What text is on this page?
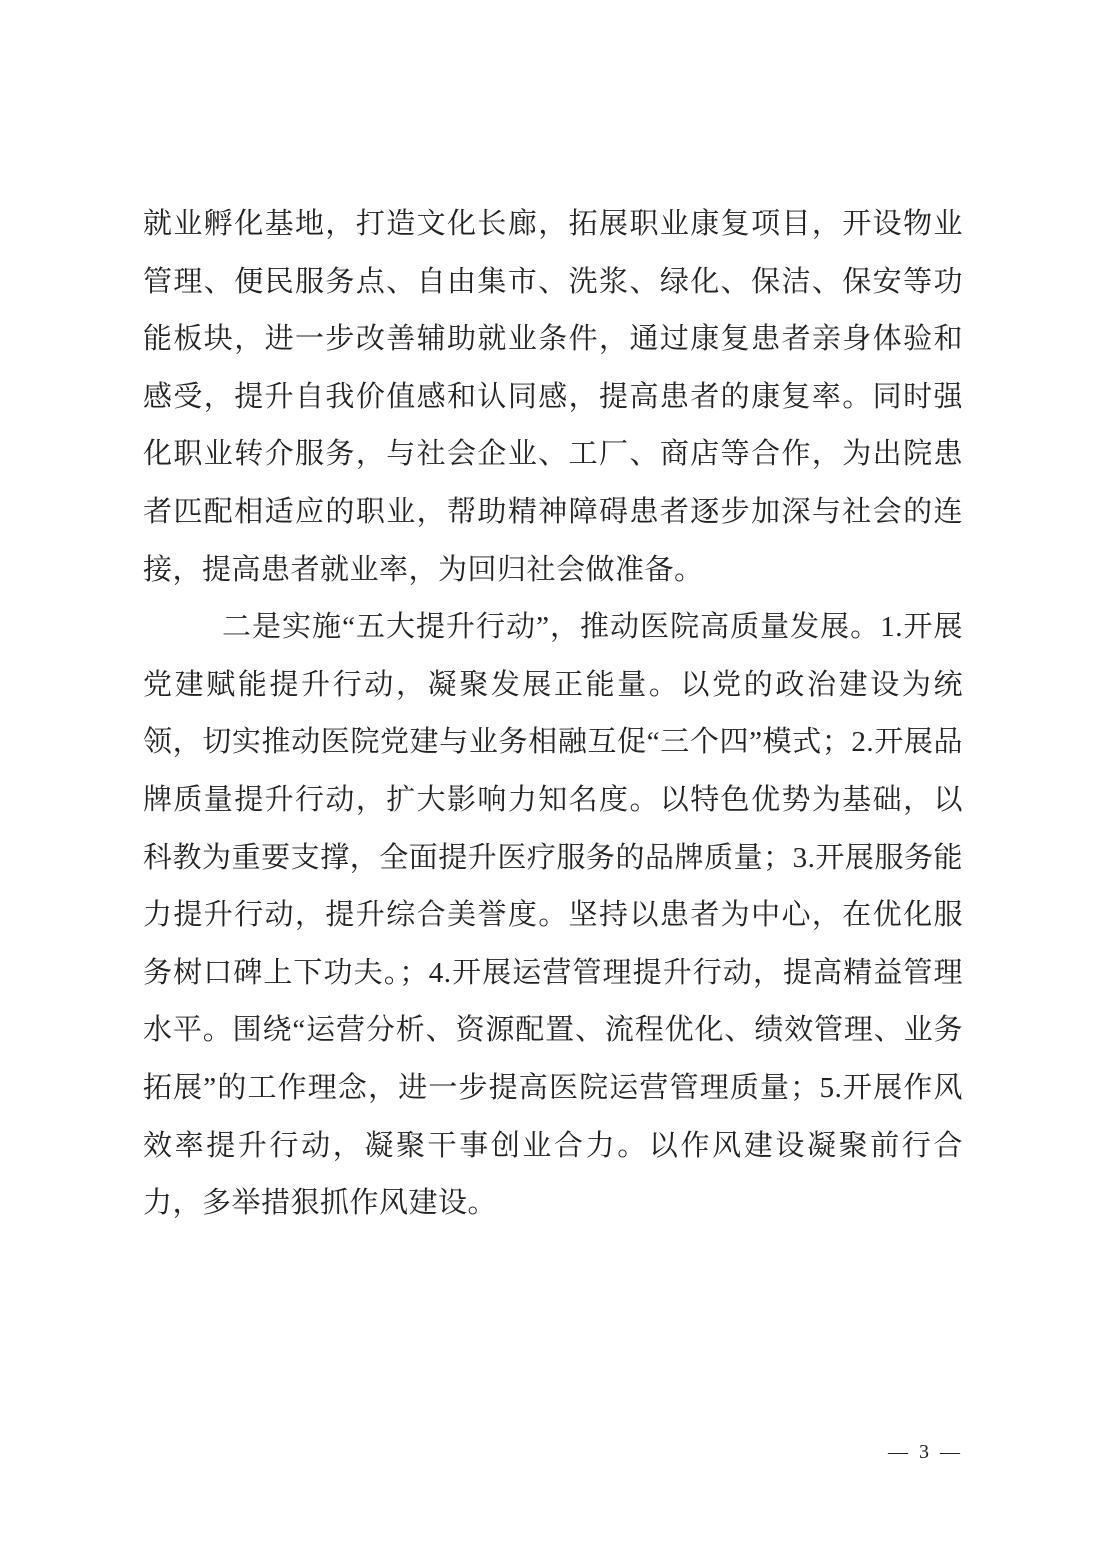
就业孵化基地，打造文化长廊，拓展职业康复项目，开设物业管理、便民服务点、自由集市、洗浆、绿化、保洁、保安等功能板块，进一步改善辅助就业条件，通过康复患者亲身体验和感受，提升自我价值感和认同感，提高患者的康复率。同时强化职业转介服务，与社会企业、工厂、商店等合作，为出院患者匹配相适应的职业，帮助精神障碍患者逐步加深与社会的连接，提高患者就业率，为回归社会做准备。

二是实施“五大提升行动”，推动医院高质量发展。1.开展党建赋能提升行动，凝聚发展正能量。以党的政治建设为统领，切实推动医院党建与业务相融互促“三个四”模式；2.开展品牌质量提升行动，扩大影响力知名度。以特色优势为基础，以科教为重要支撑，全面提升医疗服务的品牌质量；3.开展服务能力提升行动，提升综合美誉度。坚持以患者为中心，在优化服务树口碑上下功夫。；4.开展运营管理提升行动，提高精益管理水平。围绕“运营分析、资源配置、流程优化、绩效管理、业务拓展”的工作理念，进一步提高医院运营管理质量；5.开展作风效率提升行动，凝聚干事创业合力。以作风建设凝聚前行合力，多举措狠抓作风建设。

— 3 —
